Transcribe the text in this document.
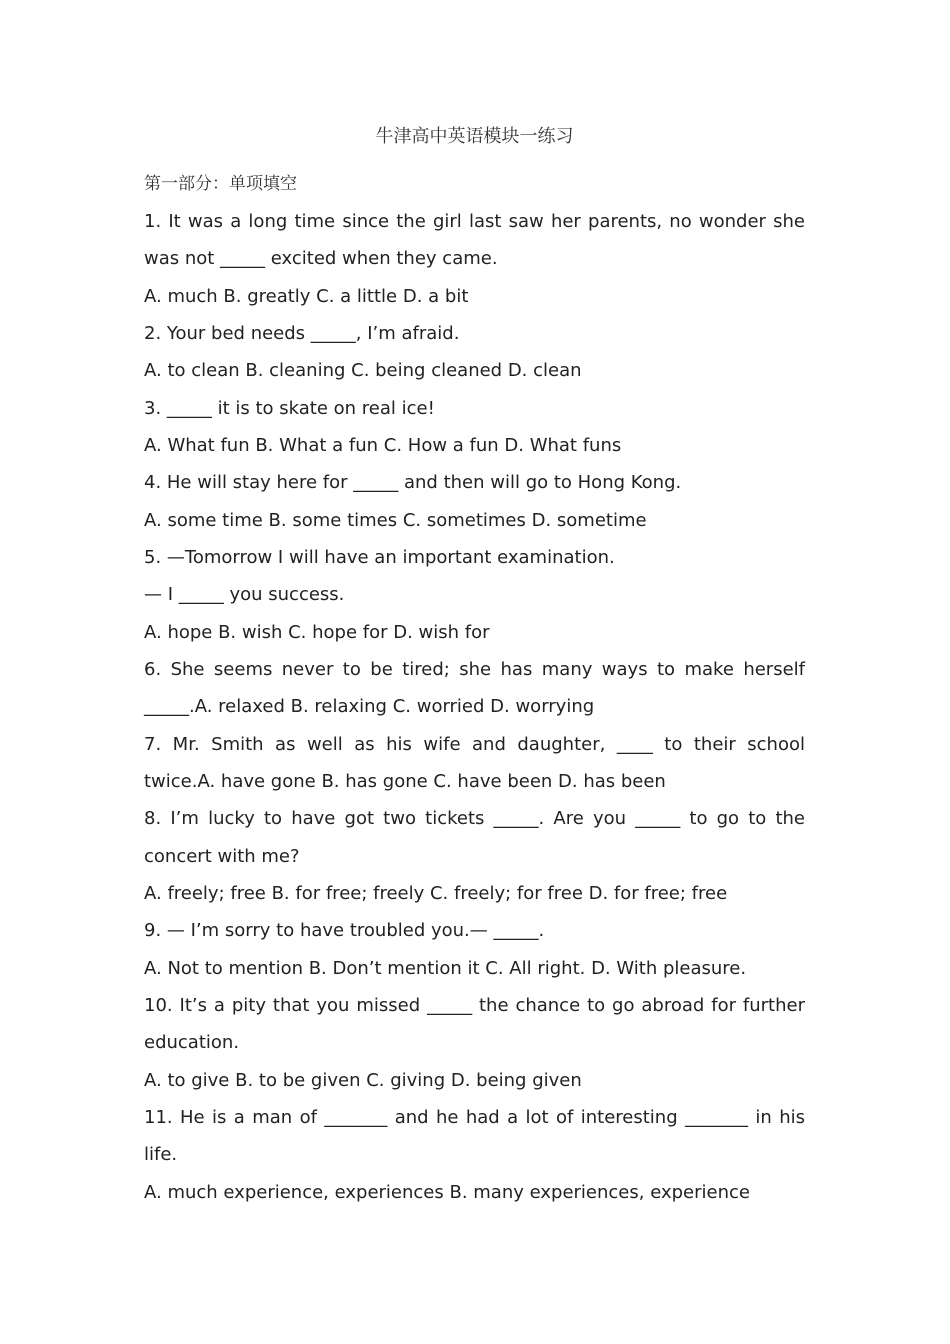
牛津高中英语模块一练习
第一部分：单项填空
1. It was a long time since the girl last saw her parents, no wonder she was not _____ excited when they came.
A. much B. greatly C. a little D. a bit
2. Your bed needs _____, I’m afraid.
A. to clean B. cleaning C. being cleaned D. clean
3. _____ it is to skate on real ice!
A. What fun B. What a fun C. How a fun D. What funs
4. He will stay here for _____ and then will go to Hong Kong.
A. some time B. some times C. sometimes D. sometime
5. —Tomorrow I will have an important examination.
— I _____ you success.
A. hope B. wish C. hope for D. wish for
6. She seems never to be tired; she has many ways to make herself _____.A. relaxed B. relaxing C. worried D. worrying
7. Mr. Smith as well as his wife and daughter, ____ to their school twice.A. have gone B. has gone C. have been D. has been
8. I’m lucky to have got two tickets _____. Are you _____ to go to the concert with me?
A. freely; free B. for free; freely C. freely; for free D. for free; free
9. — I’m sorry to have troubled you.— _____.
A. Not to mention B. Don’t mention it C. All right. D. With pleasure.
10. It’s a pity that you missed _____ the chance to go abroad for further education.
A. to give B. to be given C. giving D. being given
11. He is a man of _______ and he had a lot of interesting _______ in his life.
A. much experience, experiences B. many experiences, experience
